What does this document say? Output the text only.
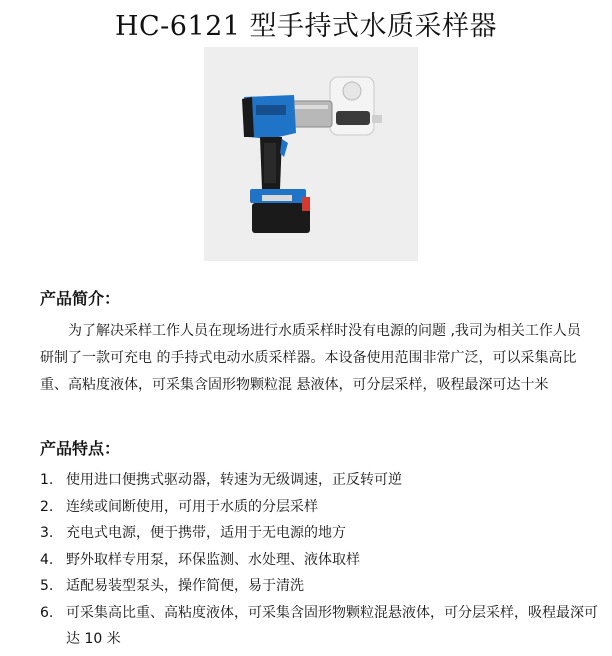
HC-6121 型手持式水质采样器
产品简介：
为了解决采样工作人员在现场进行水质采样时没有电源的问题 ,我司为相关工作人员研制了一款可充电 的手持式电动水质采样器。本设备使用范围非常广泛，可以采集高比重、高粘度液体，可采集含固形物颗粒混 悬液体，可分层采样，吸程最深可达十米
产品特点：
1. 使用进口便携式驱动器，转速为无级调速，正反转可逆
2. 连续或间断使用，可用于水质的分层采样
3. 充电式电源，便于携带，适用于无电源的地方
4. 野外取样专用泵，环保监测、水处理、液体取样
5. 适配易装型泵头，操作简便，易于清洗
6. 可采集高比重、高粘度液体，可采集含固形物颗粒混悬液体，可分层采样，吸程最深可达 10 米
